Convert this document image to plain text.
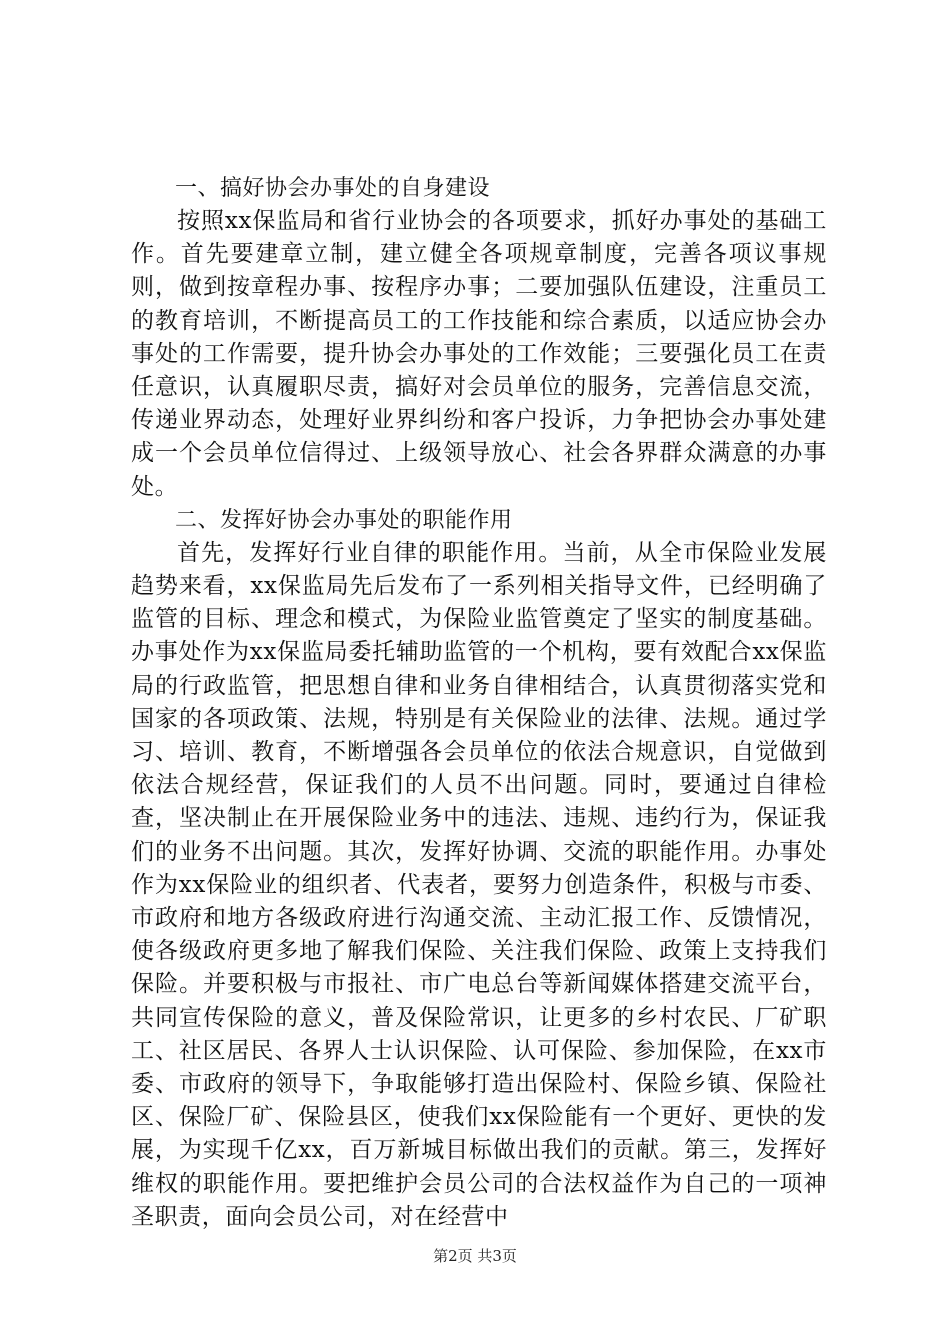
一、搞好协会办事处的自身建设

按照xx保监局和省行业协会的各项要求，抓好办事处的基础工作。首先要建章立制，建立健全各项规章制度，完善各项议事规则，做到按章程办事、按程序办事；二要加强队伍建设，注重员工的教育培训，不断提高员工的工作技能和综合素质，以适应协会办事处的工作需要，提升协会办事处的工作效能；三要强化员工在责任意识，认真履职尽责，搞好对会员单位的服务，完善信息交流，传递业界动态，处理好业界纠纷和客户投诉，力争把协会办事处建成一个会员单位信得过、上级领导放心、社会各界群众满意的办事处。

二、发挥好协会办事处的职能作用

首先，发挥好行业自律的职能作用。当前，从全市保险业发展趋势来看，xx保监局先后发布了一系列相关指导文件，已经明确了监管的目标、理念和模式，为保险业监管奠定了坚实的制度基础。办事处作为xx保监局委托辅助监管的一个机构，要有效配合xx保监局的行政监管，把思想自律和业务自律相结合，认真贯彻落实党和国家的各项政策、法规，特别是有关保险业的法律、法规。通过学习、培训、教育，不断增强各会员单位的依法合规意识，自觉做到依法合规经营，保证我们的人员不出问题。同时，要通过自律检查，坚决制止在开展保险业务中的违法、违规、违约行为，保证我们的业务不出问题。其次，发挥好协调、交流的职能作用。办事处作为xx保险业的组织者、代表者，要努力创造条件，积极与市委、市政府和地方各级政府进行沟通交流、主动汇报工作、反馈情况，使各级政府更多地了解我们保险、关注我们保险、政策上支持我们保险。并要积极与市报社、市广电总台等新闻媒体搭建交流平台，共同宣传保险的意义，普及保险常识，让更多的乡村农民、厂矿职工、社区居民、各界人士认识保险、认可保险、参加保险，在xx市委、市政府的领导下，争取能够打造出保险村、保险乡镇、保险社区、保险厂矿、保险县区，使我们xx保险能有一个更好、更快的发展，为实现千亿xx，百万新城目标做出我们的贡献。第三，发挥好维权的职能作用。要把维护会员公司的合法权益作为自己的一项神圣职责，面向会员公司，对在经营中

第2页 共3页
